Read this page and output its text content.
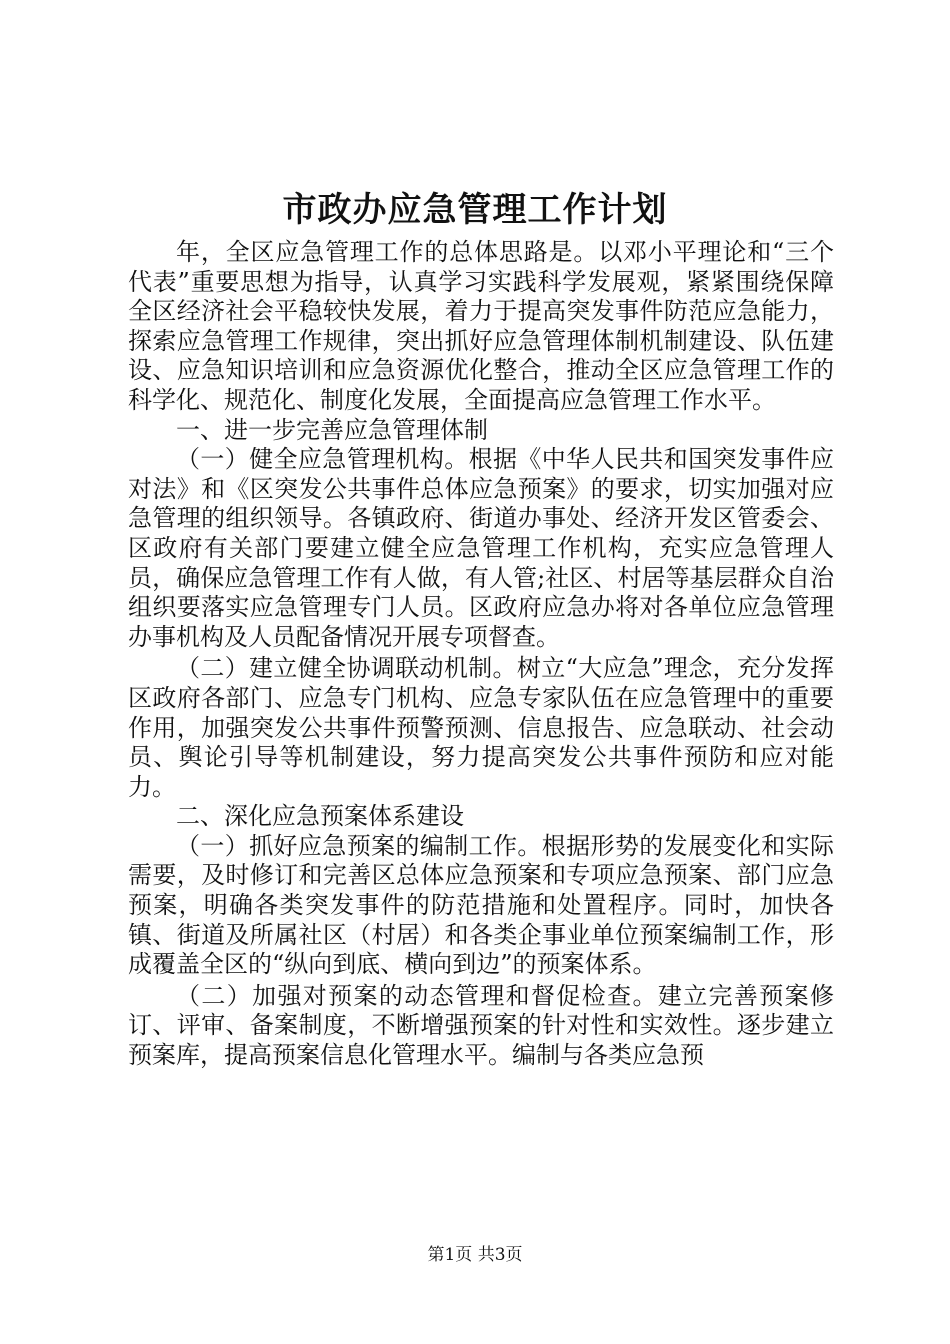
市政办应急管理工作计划

年，全区应急管理工作的总体思路是。以邓小平理论和“三个代表”重要思想为指导，认真学习实践科学发展观，紧紧围绕保障全区经济社会平稳较快发展，着力于提高突发事件防范应急能力，探索应急管理工作规律，突出抓好应急管理体制机制建设、队伍建设、应急知识培训和应急资源优化整合，推动全区应急管理工作的科学化、规范化、制度化发展，全面提高应急管理工作水平。

一、进一步完善应急管理体制

（一）健全应急管理机构。根据《中华人民共和国突发事件应对法》和《区突发公共事件总体应急预案》的要求，切实加强对应急管理的组织领导。各镇政府、街道办事处、经济开发区管委会、区政府有关部门要建立健全应急管理工作机构，充实应急管理人员，确保应急管理工作有人做，有人管;社区、村居等基层群众自治组织要落实应急管理专门人员。区政府应急办将对各单位应急管理办事机构及人员配备情况开展专项督查。

（二）建立健全协调联动机制。树立“大应急”理念，充分发挥区政府各部门、应急专门机构、应急专家队伍在应急管理中的重要作用，加强突发公共事件预警预测、信息报告、应急联动、社会动员、舆论引导等机制建设，努力提高突发公共事件预防和应对能力。

二、深化应急预案体系建设

（一）抓好应急预案的编制工作。根据形势的发展变化和实际需要，及时修订和完善区总体应急预案和专项应急预案、部门应急预案，明确各类突发事件的防范措施和处置程序。同时，加快各镇、街道及所属社区（村居）和各类企事业单位预案编制工作，形成覆盖全区的“纵向到底、横向到边”的预案体系。

（二）加强对预案的动态管理和督促检查。建立完善预案修订、评审、备案制度，不断增强预案的针对性和实效性。逐步建立预案库，提高预案信息化管理水平。编制与各类应急预

第1页 共3页
